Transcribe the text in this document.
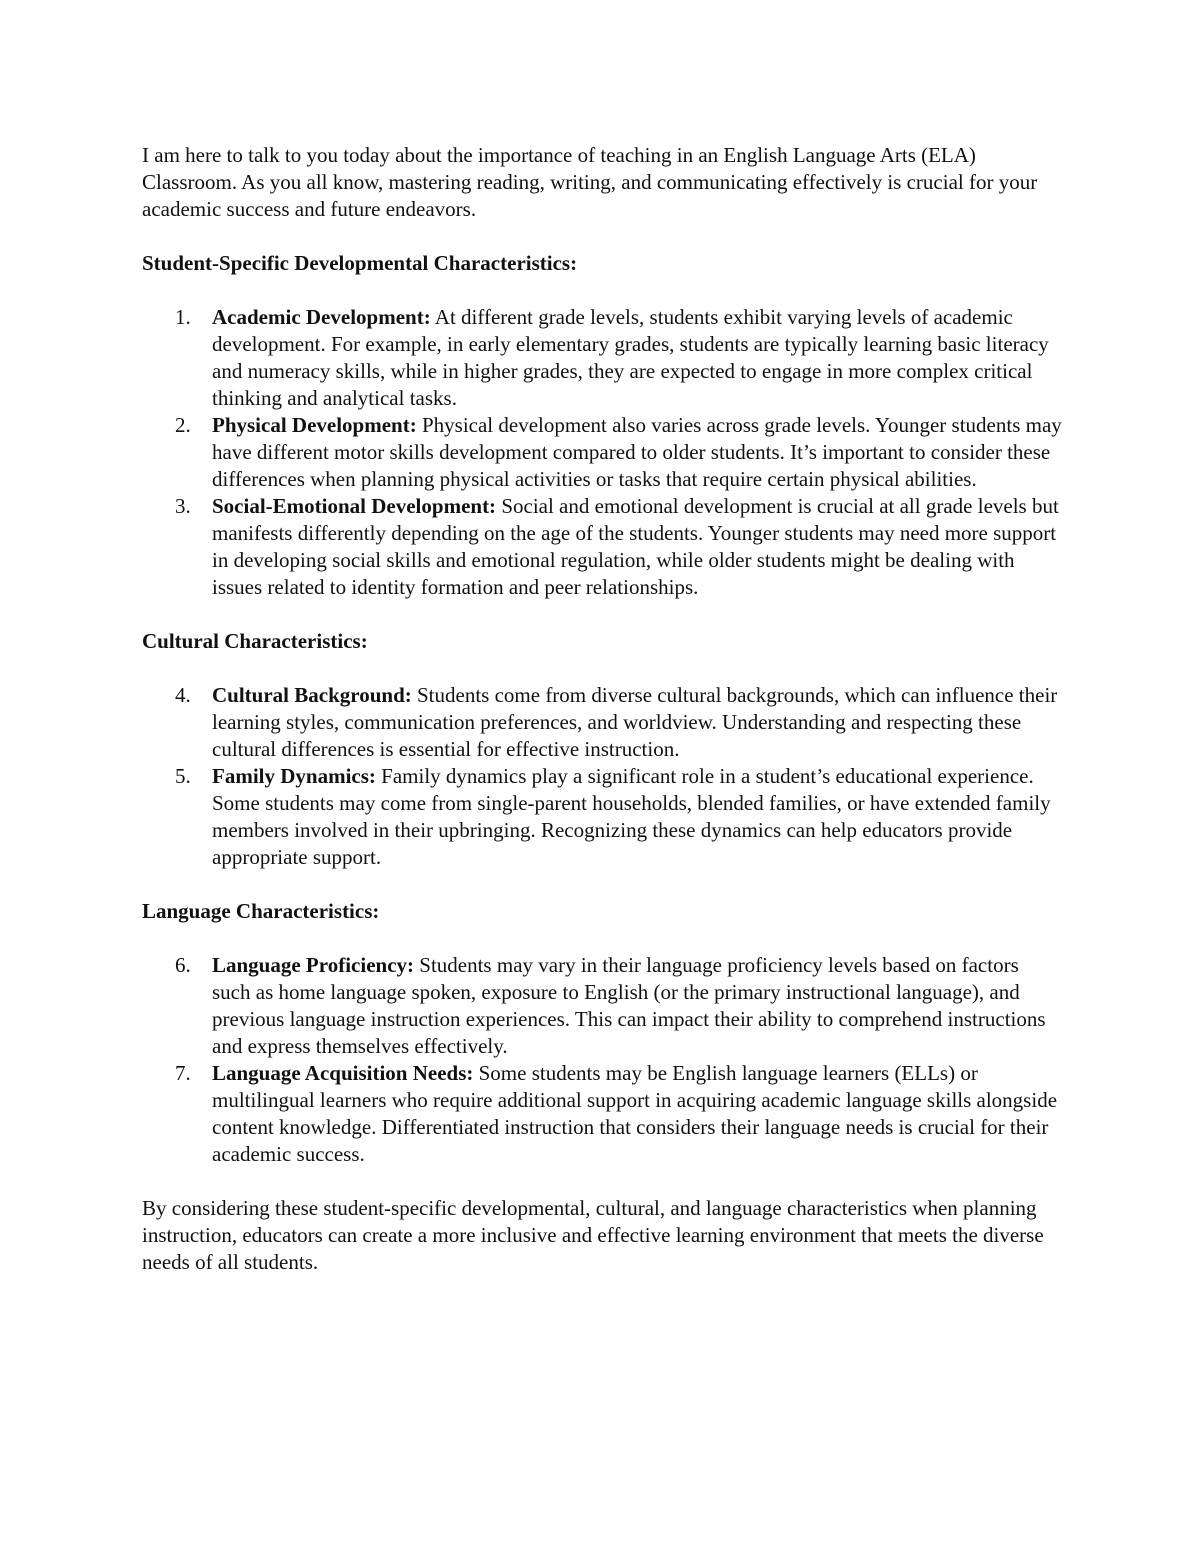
I am here to talk to you today about the importance of teaching in an English Language Arts (ELA) Classroom. As you all know, mastering reading, writing, and communicating effectively is crucial for your academic success and future endeavors.

Student-Specific Developmental Characteristics:

1. Academic Development: At different grade levels, students exhibit varying levels of academic development. For example, in early elementary grades, students are typically learning basic literacy and numeracy skills, while in higher grades, they are expected to engage in more complex critical thinking and analytical tasks.
2. Physical Development: Physical development also varies across grade levels. Younger students may have different motor skills development compared to older students. It’s important to consider these differences when planning physical activities or tasks that require certain physical abilities.
3. Social-Emotional Development: Social and emotional development is crucial at all grade levels but manifests differently depending on the age of the students. Younger students may need more support in developing social skills and emotional regulation, while older students might be dealing with issues related to identity formation and peer relationships.

Cultural Characteristics:

4. Cultural Background: Students come from diverse cultural backgrounds, which can influence their learning styles, communication preferences, and worldview. Understanding and respecting these cultural differences is essential for effective instruction.
5. Family Dynamics: Family dynamics play a significant role in a student’s educational experience. Some students may come from single-parent households, blended families, or have extended family members involved in their upbringing. Recognizing these dynamics can help educators provide appropriate support.

Language Characteristics:

6. Language Proficiency: Students may vary in their language proficiency levels based on factors such as home language spoken, exposure to English (or the primary instructional language), and previous language instruction experiences. This can impact their ability to comprehend instructions and express themselves effectively.
7. Language Acquisition Needs: Some students may be English language learners (ELLs) or multilingual learners who require additional support in acquiring academic language skills alongside content knowledge. Differentiated instruction that considers their language needs is crucial for their academic success.

By considering these student-specific developmental, cultural, and language characteristics when planning instruction, educators can create a more inclusive and effective learning environment that meets the diverse needs of all students.
